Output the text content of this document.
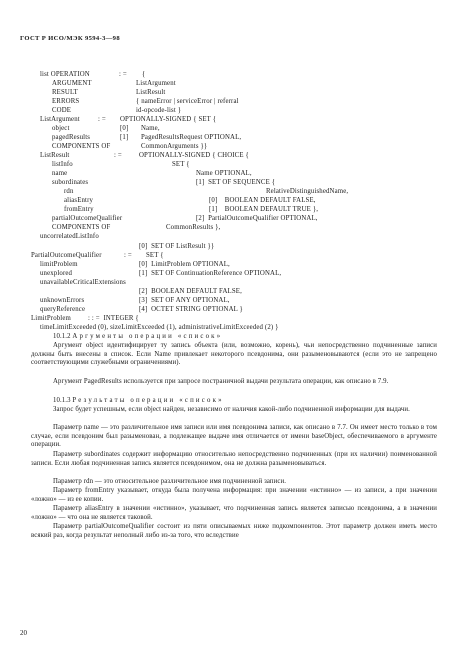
ГОСТ Р ИСО/МЭК 9594-3—98
list OPERATION	: = {
ARGUMENT	ListArgument
RESULT	ListResult
ERRORS	{ nameError | serviceError | referral
CODE	id-opcode-list }
ListArgument	: = OPTIONALLY-SIGNED { SET {
object	[0] Name,
pagedResults	[1] PagedResultsRequest OPTIONAL,
COMPONENTS OF	CommonArguments }}
ListResult	: =	OPTIONALLY-SIGNED { CHOICE {
listInfo	SET {
name	Name OPTIONAL,
subordinates	[1]  SET OF SEQUENCE {
rdn	RelativeDistinguishedName,
aliasEntry	[0]    BOOLEAN DEFAULT FALSE,
fromEntry	[1]    BOOLEAN DEFAULT TRUE },
partialOutcomeQualifier	[2]  PartialOutcomeQualifier OPTIONAL,
COMPONENTS OF	CommonResults },
uncorrelatedListInfo
[0]  SET OF ListResult }}
PartialOutcomeQualifier	: = SET {
limitProblem	[0]  LimitProblem OPTIONAL,
unexplored	[1]  SET OF ContinuationReference OPTIONAL,
unavailableCriticalExtensions
[2]  BOOLEAN DEFAULT FALSE,
unknownErrors	[3]  SET OF ANY OPTIONAL,
queryReference	[4]  OCTET STRING OPTIONAL }
LimitProblem	: : =  INTEGER {
timeLimitExceeded (0), sizeLimitExceeded (1), administrativeLimitExceeded (2) }
10.1.2 Аргументы операции «список»
Аргумент object идентифицирует ту запись объекта (или, возможно, корень), чьи непосредственно подчиненные записи должны быть внесены в список. Если Name привлекает некоторого псевдонима, они разыменовываются (если это не запрещено соответствующими служебными ограничениями).
Аргумент PagedResults используется при запросе постраничной выдачи результата операции, как описано в 7.9.
10.1.3 Результаты операции «список»
Запрос будет успешным, если object найден, независимо от наличия какой-либо подчиненной информации для выдачи.
Параметр name — это различительное имя записи или имя псевдонима записи, как описано в 7.7. Он имеет место только в том случае, если псевдоним был разыменован, а подлежащее выдаче имя отличается от имени baseObject, обеспечиваемого в аргументе операции.
Параметр subordinates содержит информацию относительно непосредственно подчиненных (при их наличии) поименованной записи. Если любая подчиненная запись является псевдонимом, она не должна разыменовываться.
Параметр rdn — это относительное различительное имя подчиненной записи.
Параметр fromEntry указывает, откуда была получена информация: при значении «истинно» — из записи, а при значении «ложно» — из ее копии.
Параметр aliasEntry в значении «истинно», указывает, что подчиненная запись является записью псевдонима, а в значении «ложно» — что она не является таковой.
Параметр partialOutcomeQualifier состоит из пяти описываемых ниже подкомпонентов. Этот параметр должен иметь место всякий раз, когда результат неполный либо из-за того, что вследствие
20
